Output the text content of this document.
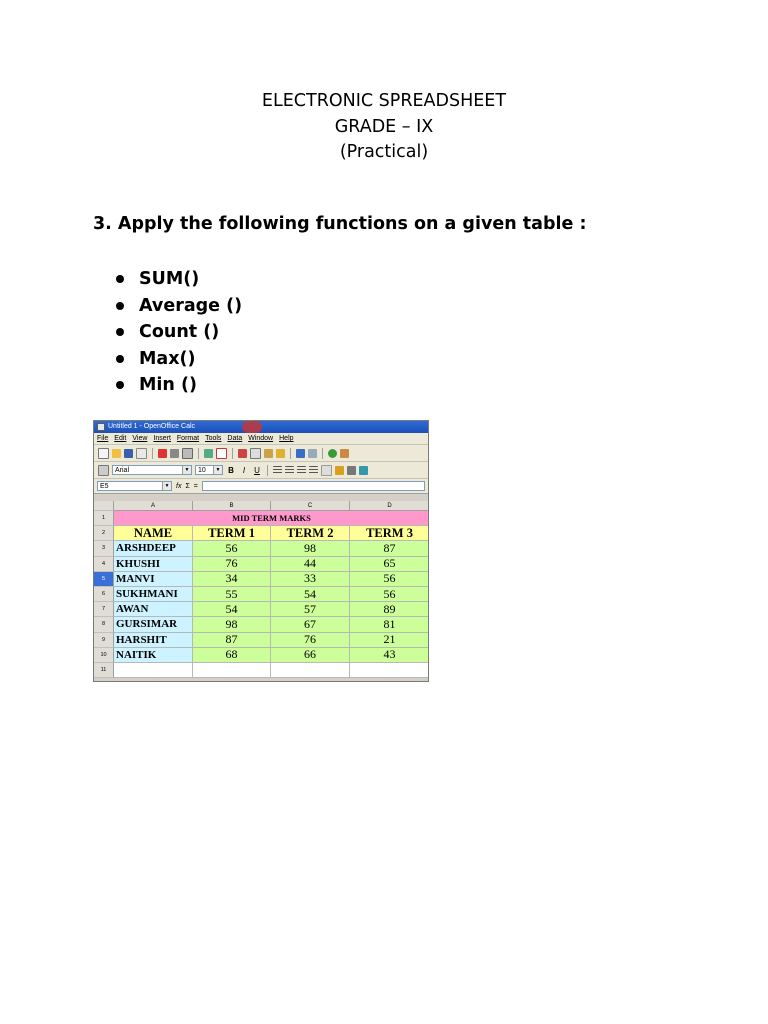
ELECTRONIC SPREADSHEET
GRADE – IX
(Practical)
3. Apply the following functions on a given table :
SUM()
Average ()
Count ()
Max()
Min ()
Untitled 1 - OpenOffice Calc
File Edit View Insert Format Tools Data Window Help
Arial	▼	10	▼ B	I	U
E5	▼ fx Σ =
A	B	C	D
1	MID TERM MARKS
2	NAME	TERM 1	TERM 2	TERM 3
3 ARSHDEEP	56	98	87
4 KHUSHI	76	44	65
5 MANVI	34	33	56
6 SUKHMANI	55	54	56
7 AWAN	54	57	89
8 GURSIMAR	98	67	81
9 HARSHIT	87	76	21
10 NAITIK	68	66	43
11
